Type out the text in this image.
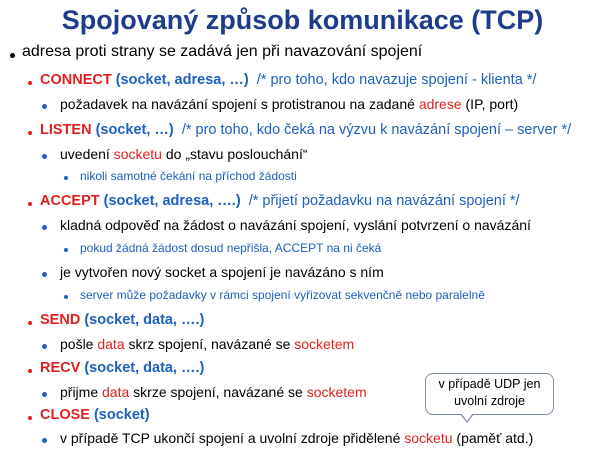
Spojovaný způsob komunikace (TCP)
adresa proti strany se zadává jen při navazování spojení
CONNECT (socket, adresa, …) /* pro toho, kdo navazuje spojení - klienta */
požadavek na navázání spojení s protistranou na zadané adrese (IP, port)
LISTEN (socket, …) /* pro toho, kdo čeká na výzvu k navázání spojení – server */
uvedení socketu do „stavu poslouchání“
nikoli samotné čekání na příchod žádosti
ACCEPT (socket, adresa, ….) /* přijetí požadavku na navázání spojení */
kladná odpověď na žádost o navázání spojení, vyslání potvrzení o navázání
pokud žádná žádost dosud nepřišla, ACCEPT na ni čeká
je vytvořen nový socket a spojení je navázáno s ním
server může požadavky v rámci spojení vyřizovat sekvenčně nebo paralelně
SEND (socket, data, ….)
pošle data skrz spojení, navázané se socketem
RECV (socket, data, ….)
přijme data skrze spojení, navázané se socketem
CLOSE (socket)
v případě TCP ukončí spojení a uvolní zdroje přidělené socketu (paměť atd.)
v případě UDP jen
uvolní zdroje
